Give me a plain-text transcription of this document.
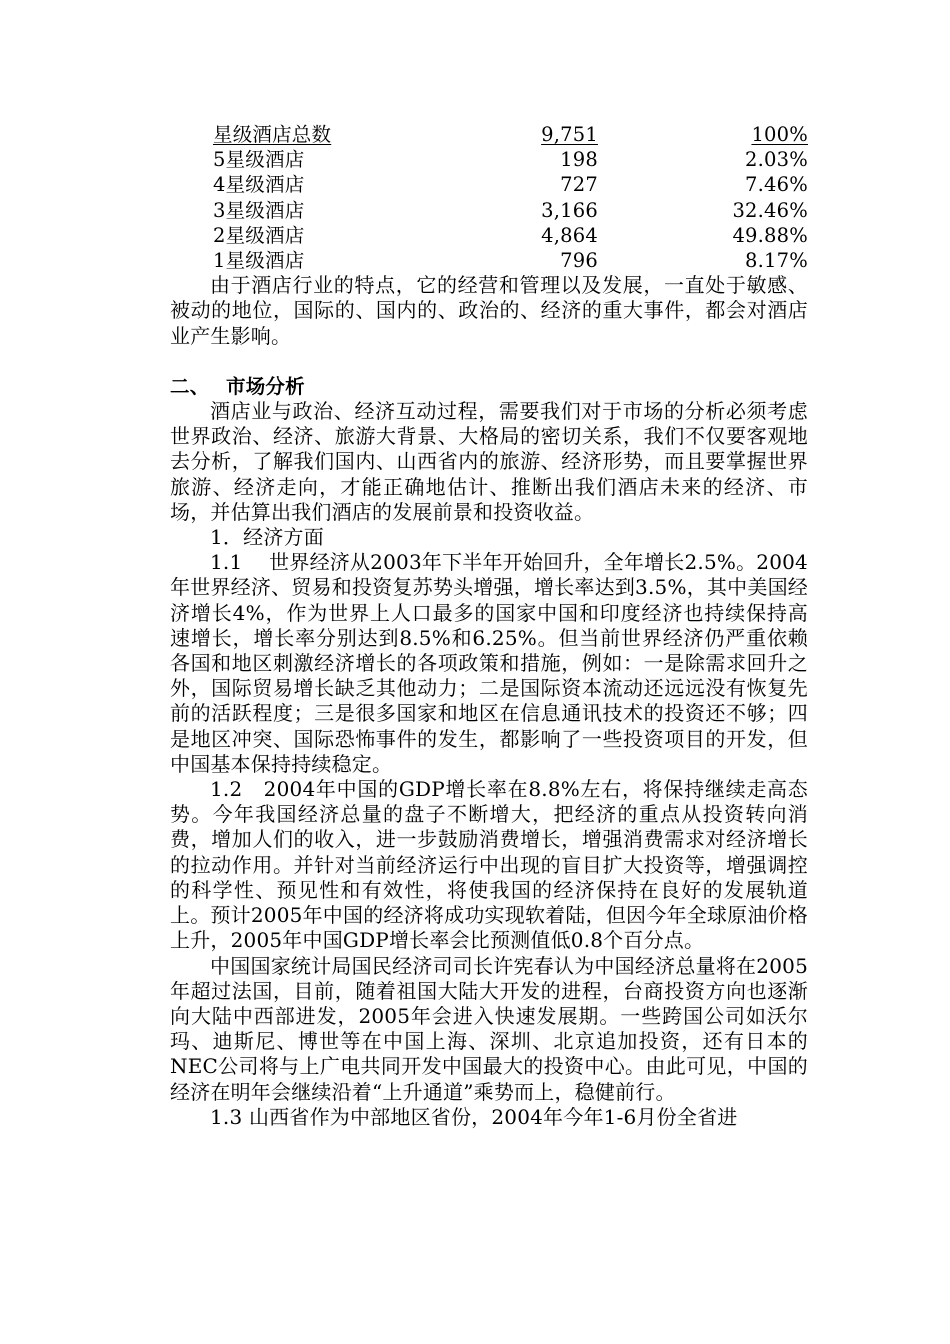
星级酒店总数	9,751	100%
5星级酒店	198	2.03%
4星级酒店	727	7.46%
3星级酒店	3,166	32.46%
2星级酒店	4,864	49.88%
1星级酒店	796	8.17%

由于酒店行业的特点，它的经营和管理以及发展，一直处于敏感、被动的地位，国际的、国内的、政治的、经济的重大事件，都会对酒店业产生影响。

二、 市场分析

酒店业与政治、经济互动过程，需要我们对于市场的分析必须考虑世界政治、经济、旅游大背景、大格局的密切关系，我们不仅要客观地去分析，了解我们国内、山西省内的旅游、经济形势，而且要掌握世界旅游、经济走向，才能正确地估计、推断出我们酒店未来的经济、市场，并估算出我们酒店的发展前景和投资收益。

1．经济方面

1.1　 世界经济从2003年下半年开始回升，全年增长2.5%。2004年世界经济、贸易和投资复苏势头增强，增长率达到3.5%，其中美国经济增长4%，作为世界上人口最多的国家中国和印度经济也持续保持高速增长，增长率分别达到8.5%和6.25%。但当前世界经济仍严重依赖各国和地区刺激经济增长的各项政策和措施，例如：一是除需求回升之外，国际贸易增长缺乏其他动力；二是国际资本流动还远远没有恢复先前的活跃程度；三是很多国家和地区在信息通讯技术的投资还不够；四是地区冲突、国际恐怖事件的发生，都影响了一些投资项目的开发，但中国基本保持持续稳定。

1.2　2004年中国的GDP增长率在8.8%左右，将保持继续走高态势。今年我国经济总量的盘子不断增大，把经济的重点从投资转向消费，增加人们的收入，进一步鼓励消费增长，增强消费需求对经济增长的拉动作用。并针对当前经济运行中出现的盲目扩大投资等，增强调控的科学性、预见性和有效性，将使我国的经济保持在良好的发展轨道上。预计2005年中国的经济将成功实现软着陆，但因今年全球原油价格上升，2005年中国GDP增长率会比预测值低0.8个百分点。

中国国家统计局国民经济司司长许宪春认为中国经济总量将在2005年超过法国，目前，随着祖国大陆大开发的进程，台商投资方向也逐渐向大陆中西部进发，2005年会进入快速发展期。一些跨国公司如沃尔玛、迪斯尼、博世等在中国上海、深圳、北京追加投资，还有日本的NEC公司将与上广电共同开发中国最大的投资中心。由此可见，中国的经济在明年会继续沿着“上升通道”乘势而上，稳健前行。

1.3 山西省作为中部地区省份，2004年今年1-6月份全省进
